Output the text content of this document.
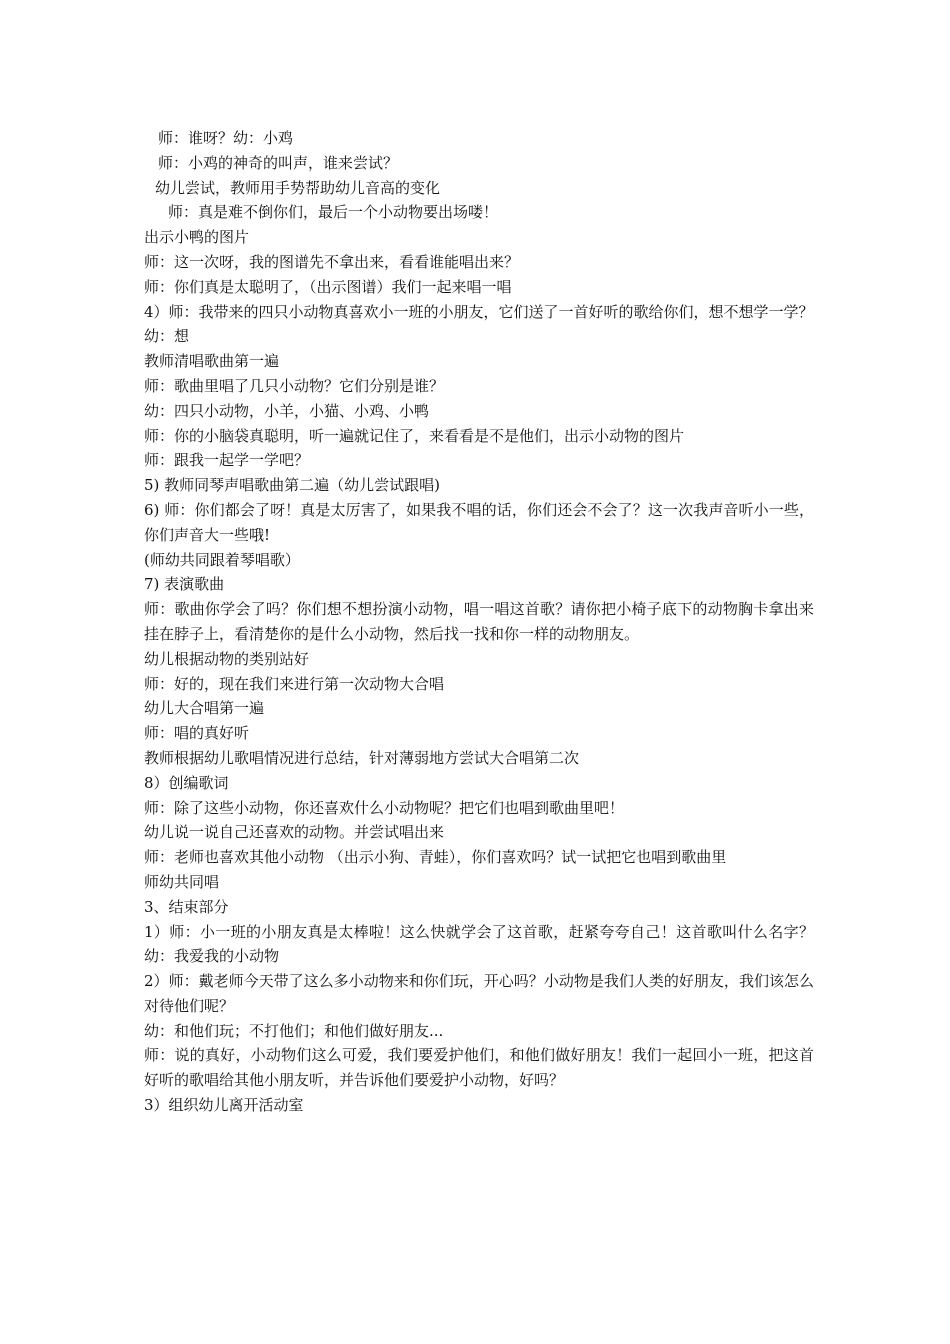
师：谁呀？幼：小鸡
师：小鸡的神奇的叫声，谁来尝试？
幼儿尝试，教师用手势帮助幼儿音高的变化
师：真是难不倒你们，最后一个小动物要出场喽！
出示小鸭的图片
师：这一次呀，我的图谱先不拿出来，看看谁能唱出来？
师：你们真是太聪明了，（出示图谱）我们一起来唱一唱
4）师：我带来的四只小动物真喜欢小一班的小朋友，它们送了一首好听的歌给你们，想不想学一学？
幼：想
教师清唱歌曲第一遍
师：歌曲里唱了几只小动物？它们分别是谁？
幼：四只小动物，小羊，小猫、小鸡、小鸭
师：你的小脑袋真聪明，听一遍就记住了，来看看是不是他们，出示小动物的图片
师：跟我一起学一学吧？
5) 教师同琴声唱歌曲第二遍（幼儿尝试跟唱)
6) 师：你们都会了呀！真是太厉害了，如果我不唱的话，你们还会不会了？这一次我声音听小一些，你们声音大一些哦!
(师幼共同跟着琴唱歌）
7) 表演歌曲
师：歌曲你学会了吗？你们想不想扮演小动物，唱一唱这首歌？请你把小椅子底下的动物胸卡拿出来挂在脖子上，看清楚你的是什么小动物，然后找一找和你一样的动物朋友。
幼儿根据动物的类别站好
师：好的，现在我们来进行第一次动物大合唱
幼儿大合唱第一遍
师：唱的真好听
教师根据幼儿歌唱情况进行总结，针对薄弱地方尝试大合唱第二次
8）创编歌词
师：除了这些小动物，你还喜欢什么小动物呢？把它们也唱到歌曲里吧！
幼儿说一说自己还喜欢的动物。并尝试唱出来
师：老师也喜欢其他小动物 （出示小狗、青蛙），你们喜欢吗？试一试把它也唱到歌曲里
师幼共同唱
3、结束部分
1）师：小一班的小朋友真是太棒啦！这么快就学会了这首歌，赶紧夸夸自己！这首歌叫什么名字？幼：我爱我的小动物
2）师：戴老师今天带了这么多小动物来和你们玩，开心吗？小动物是我们人类的好朋友，我们该怎么对待他们呢？
幼：和他们玩；不打他们；和他们做好朋友...
师：说的真好，小动物们这么可爱，我们要爱护他们，和他们做好朋友！我们一起回小一班，把这首好听的歌唱给其他小朋友听，并告诉他们要爱护小动物，好吗？
3）组织幼儿离开活动室
